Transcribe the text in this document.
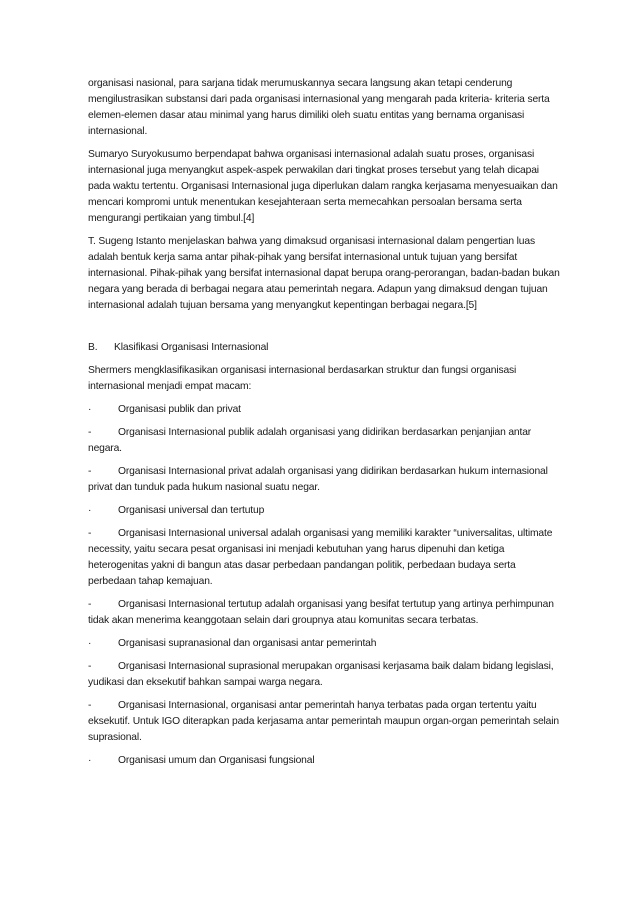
organisasi nasional, para sarjana tidak merumuskannya secara langsung akan tetapi cenderung mengilustrasikan substansi dari pada organisasi internasional yang mengarah pada kriteria- kriteria serta elemen-elemen dasar atau minimal yang harus dimiliki oleh suatu entitas yang bernama organisasi internasional.

Sumaryo Suryokusumo berpendapat bahwa organisasi internasional adalah suatu proses, organisasi internasional juga menyangkut aspek-aspek perwakilan dari tingkat proses tersebut yang telah dicapai pada waktu tertentu. Organisasi Internasional juga diperlukan dalam rangka kerjasama menyesuaikan dan mencari kompromi untuk menentukan kesejahteraan serta memecahkan persoalan bersama serta mengurangi pertikaian yang timbul.[4]

T. Sugeng Istanto menjelaskan bahwa yang dimaksud organisasi internasional dalam pengertian luas adalah bentuk kerja sama antar pihak-pihak yang bersifat internasional untuk tujuan yang bersifat internasional. Pihak-pihak yang bersifat internasional dapat berupa orang-perorangan, badan-badan bukan negara yang berada di berbagai negara atau pemerintah negara. Adapun yang dimaksud dengan tujuan internasional adalah tujuan bersama yang menyangkut kepentingan berbagai negara.[5]

B.	Klasifikasi Organisasi Internasional

Shermers mengklasifikasikan organisasi internasional berdasarkan struktur dan fungsi organisasi internasional menjadi empat macam:

·	Organisasi publik dan privat

-	Organisasi Internasional publik adalah organisasi yang didirikan berdasarkan penjanjian antar negara.

-	Organisasi Internasional privat adalah organisasi yang didirikan berdasarkan hukum internasional privat dan tunduk pada hukum nasional suatu negar.

·	Organisasi universal dan tertutup

-	Organisasi Internasional universal adalah organisasi yang memiliki karakter “universalitas, ultimate necessity, yaitu secara pesat organisasi ini menjadi kebutuhan yang harus dipenuhi dan ketiga heterogenitas yakni di bangun atas dasar perbedaan pandangan politik, perbedaan budaya serta perbedaan tahap kemajuan.

-	Organisasi Internasional tertutup adalah organisasi yang besifat tertutup yang artinya perhimpunan tidak akan menerima keanggotaan selain dari groupnya atau komunitas secara terbatas.

·	Organisasi supranasional dan organisasi antar pemerintah

-	Organisasi Internasional suprasional merupakan organisasi kerjasama baik dalam bidang legislasi, yudikasi dan eksekutif bahkan sampai warga negara.

-	Organisasi Internasional, organisasi antar pemerintah hanya terbatas pada organ tertentu yaitu eksekutif. Untuk IGO diterapkan pada kerjasama antar pemerintah maupun organ-organ pemerintah selain suprasional.

·	Organisasi umum dan Organisasi fungsional
